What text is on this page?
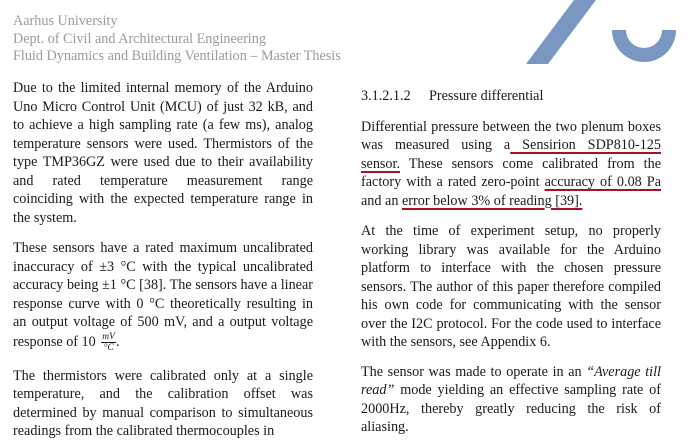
Aarhus University
Dept. of Civil and Architectural Engineering
Fluid Dynamics and Building Ventilation – Master Thesis

Due to the limited internal memory of the Arduino Uno Micro Control Unit (MCU) of just 32 kB, and to achieve a high sampling rate (a few ms), analog temperature sensors were used. Thermistors of the type TMP36GZ were used due to their availability and rated temperature measurement range coinciding with the expected temperature range in the system.

These sensors have a rated maximum uncalibrated inaccuracy of ±3 °C with the typical uncalibrated accuracy being ±1 °C [38]. The sensors have a linear response curve with 0 °C theoretically resulting in an output voltage of 500 mV, and a output voltage response of $10 \frac{mV}{^\circ C}$ .

The thermistors were calibrated only at a single temperature, and the calibration offset was determined by manual comparison to simultaneous readings from the calibrated thermocouples in

3.1.2.1.2 Pressure differential

Differential pressure between the two plenum boxes was measured using a Sensirion SDP810-125 sensor. These sensors come calibrated from the factory with a rated zero-point accuracy of 0.08 Pa and an error below 3% of reading [39].

At the time of experiment setup, no properly working library was available for the Arduino platform to interface with the chosen pressure sensors. The author of this paper therefore compiled his own code for communicating with the sensor over the I2C protocol. For the code used to interface with the sensors, see Appendix 6.

The sensor was made to operate in an “Average till read” mode yielding an effective sampling rate of 2000Hz, thereby greatly reducing the risk of aliasing.
